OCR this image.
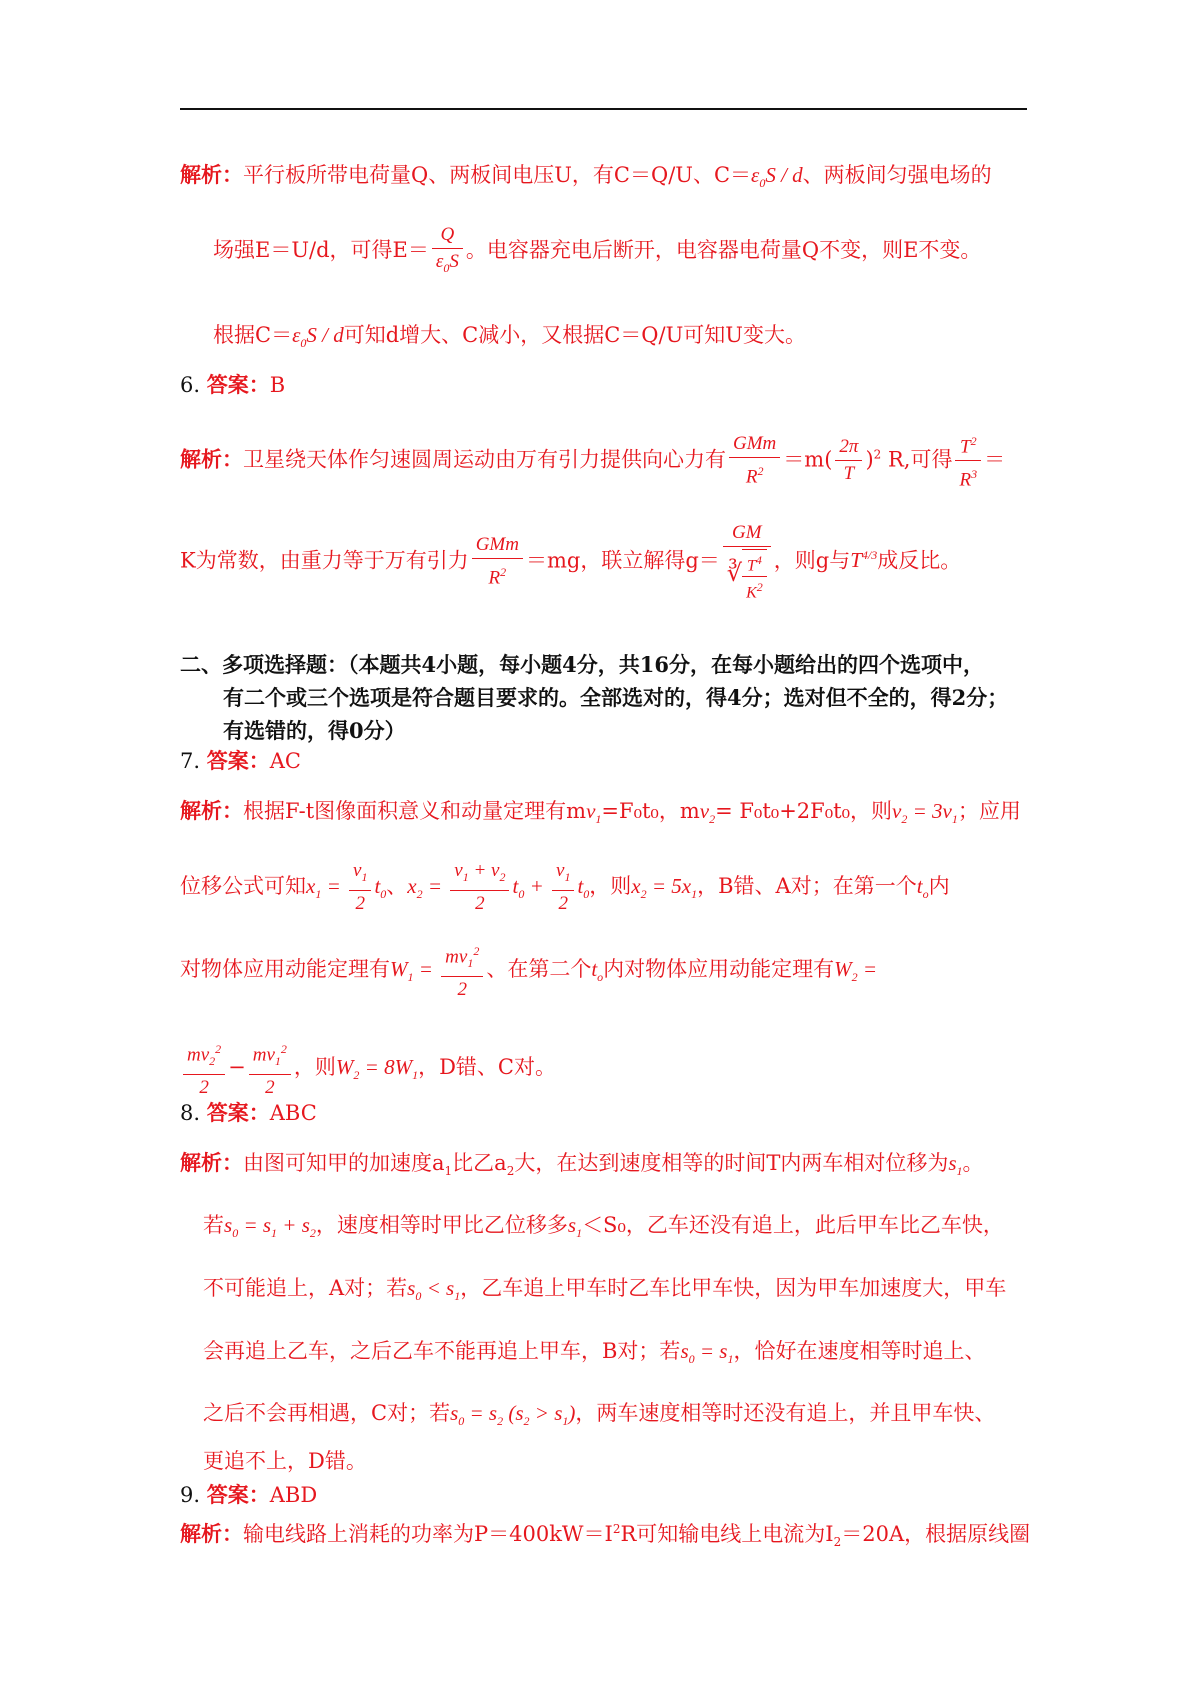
解析：平行板所带电荷量Q、两板间电压U，有C＝Q/U、$C=\varepsilon_0S / d$、两板间匀强电场的
场强E＝U/d，可得$E= \frac{Q}{\varepsilon_0S}$ 。电容器充电后断开，电容器电荷量Q不变，则E不变。
根据$C=\varepsilon_0S / d$可知d增大、C减小，又根据C＝Q/U可知U变大。
6. 答案：B
解析：卫星绕天体作匀速圆周运动由万有引力提供向心力有 $\frac{\text{GMm}}{R^2} =m( \frac{2\pi}{T} )^2$ R,可得 $\frac{T^2}{R^3}$ ＝
K为常数，由重力等于万有引力 $\frac{\text{GMm}}{R^2} =mg$，联立解得$g= \frac{GM}{∛ \frac{T^4}{K^2}}$ ，则g与$T^{4/3}$成反比。
二、多项选择题：（本题共4小题，每小题4分，共16分，在每小题给出的四个选项中，
有二个或三个选项是符合题目要求的。全部选对的，得4分；选对但不全的，得2分；
有选错的，得0分）
7. 答案：AC
解析：根据F-t图像面积意义和动量定理有$mv_1=F_0t_0$，$mv_2= F_0t_0+2F_0t_0$，则$v_2 = 3v_1$；应用
位移公式可知$x_1 = \frac{v_1}{2} t_0$、$x_2 = \frac{v_1 + v_2}{2} t_0 + \frac{v_1}{2} t_0$，则$x_2 = 5x_1$，B错、A对；在第一个$t_o$内
对物体应用动能定理有$W_1 = \frac{mv_1^2}{2}$ 、在第二个$t_o$内对物体应用动能定理有$W_2$ =
$\frac{mv_2^2}{2} - \frac{mv_1^2}{2}$ ，则$W_2 = 8W_1$，D错、C对。
8. 答案：ABC
解析：由图可知甲的加速度$a_1$比乙$a_2$大，在达到速度相等的时间T内两车相对位移为$s_1$。
若$s_0 = s_1 + s_2$，速度相等时甲比乙位移多$s_1<S_0$，乙车还没有追上，此后甲车比乙车快，
不可能追上，A对；若$s_0 < s_1$，乙车追上甲车时乙车比甲车快，因为甲车加速度大，甲车
会再追上乙车，之后乙车不能再追上甲车，B对；若$s_0 = s_1$，恰好在速度相等时追上、
之后不会再相遇，C对；若$s_0 = s_2$ $(s_2 > s_1)$，两车速度相等时还没有追上，并且甲车快、
更追不上，D错。
9. 答案：ABD
解析：输电线路上消耗的功率为$P=400kW=I^2R$可知输电线上电流为$I_2=20A$，根据原线圈
